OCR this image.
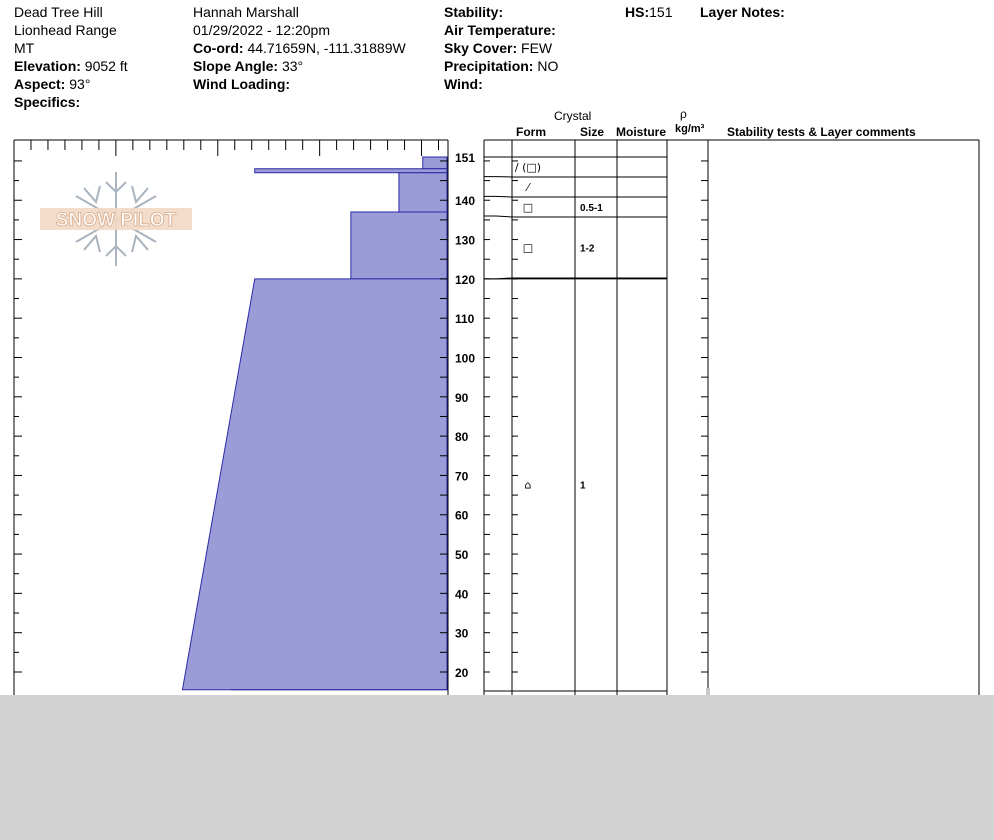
Dead Tree Hill
Lionhead Range
MT
Elevation: 9052 ft
Aspect: 93°
Specifics:
Hannah Marshall
01/29/2022 - 12:20pm
Co-ord: 44.71659N, -111.31889W
Slope Angle: 33°
Wind Loading:
Stability:
Air Temperature:
Sky Cover: FEW
Precipitation: NO
Wind:
HS:151 Layer Notes:
Crystal
Form	Size Moisture
ρ
kg/m³ Stability tests & Layer comments
SNOW PILOT
151
140
130
120
110
100
90
80
70
60
50
40
30
20
/ (□)
⁄
□	0.5-1
□	1-2
⌂	1
